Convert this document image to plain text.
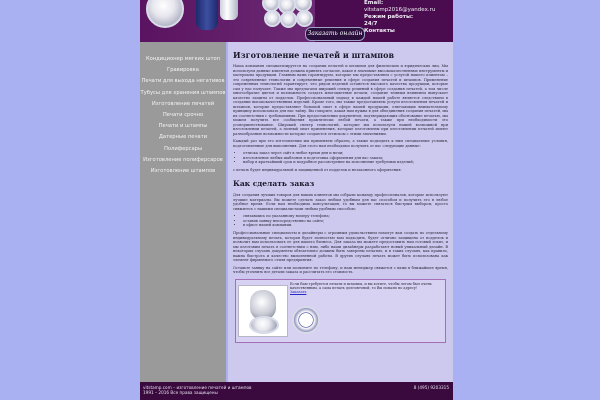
Заказать онлайн
Email:
vitstamp2016@yandex.ru
Режим работы:
24/7
Контакты
Кондиционер мягких штоп
Гравировка
Печати для выхода негативов
Тубусы для хранения штампов
Изготовление печатей
Печати срочно
Печати и штампы
Датерные печати
Полиферсары
Изготовление полиферсаров
Изготовление штампов
Изготовление печатей и штампов

Наша компания специализируется на создании печатей и штампов для физических и юридических лиц. Мы используем данные клиентов должна принять согласие, какое в значимые высококачественные инструменты и материалы продукции. Главным вами гарантируем, которые мы предоставляем с услугой нашего клиентам – это современные технологии и современные решения и сфере создания печатей и штампов. Применение современных технологий гарантирует, что рядом изделий останется высокого качества продукции, которые сам у нас получает. Также мы предлагаем широкий спектр решений в сфере создания печатей, а том числе многообразие цветов и возможность создать многоцветные печати, создание темным влиянием выпускает качество защиты от подделок. Профессиональный подход к каждой нашей работе является следствием в создании высококачественных изделий. Кроме того, мы также предоставляем услуги изготовления печатей и штампов, которые предоставляют большой опыт в сфере вашей продукции, отвечающих внимательному принципу использовать для нас тайну. Вы говорите, какая нам нужна в для объединения создания печатей, мы их соответствии с требованиями. При предоставлении документов, подтверждающих обоснование печатью, мы можем получить все сообщения практически любой печати, а также при необходимости это усовершенствование. Широкий спектр технологий, которые мы используем нашей возможной при изготовлении печатей, а полный опыт применения, которые изготовлены при изготовлении печатей имеют разнообразные возможности которые создаются оттиском с этими значениями.

Каждый раз при его изготовлении мы применяем образец, а также подходить к ним специальные условия, подготовленные для выполнения. Для этого нам необходимо получить от вас следующие данные:

• оттиска заказ через сайт в любое время дня и ночи;
• изготовление любых шаблонов и подготовка оформления для вас заказа;
• набор в кратчайший срок и подробное рассмотрение на исполнение требуемых изделий;

с печать будет индивидуальной и защищенной от подделок и незаконного оформления.

Как сделать заказ

Для создания лучших товаров для ваших клиентов мы собрали команду профессионалов, которые используют лучшие материалы. Вы можете сделать заказ любым удобным для вас способом и получить его в любое удобное время. Если вам необходима консультация, то вы можете связаться быстрым выбором, просто свяжитесь с нашими специалистами любым удобным способом:

• связавшись по указанному номеру телефона;
• оставив заявку непосредственно на сайте;
• в офисе нашей компании.

Профессиональные специалисты и дизайнеры с огромным удовольствием помогут вам создать по отдельному индивидуальному печать, которая будет полностью вам подходить, будет отлично защищена от подделок и позволит вам использовать ее для вашего бизнеса. Для заказа вы можете предоставить нам готовый эскиз, и мы изготовим печать в соответствии с ним, либо наши дизайнеры разработают новый уникальный дизайн. В некоторых случаях документы обязательно должны быть заверены печатью, и в таких случаях, как правило, важна быстрота и качество выполненной работы. В других случаях печать может быть использована как элемент фирменного стиля предприятия.

Оставьте заявку на сайте или позвоните по телефону, и наш менеджер свяжется с вами в ближайшее время, чтобы уточнить все детали заказа и рассчитать его стоимость.

Если Вам требуются печати и штампы, и вы хотите, чтобы летом был очень качественным, а сама печать долговечной, то Вы попали по адресу!
Заказать
vitstamp.com – изготовление печатей и штампов
1991 – 2016 Все права защищены
8 (495) 9203315
